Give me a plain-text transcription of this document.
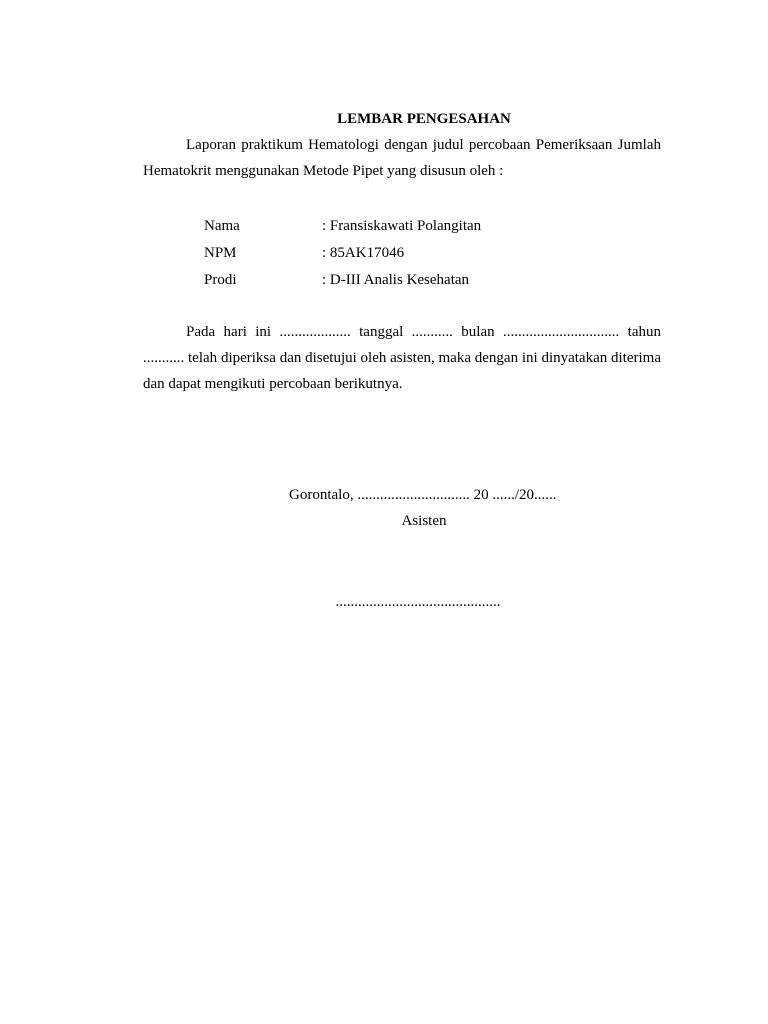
LEMBAR PENGESAHAN

Laporan praktikum Hematologi dengan judul percobaan Pemeriksaan Jumlah Hematokrit menggunakan Metode Pipet yang disusun oleh :

Nama	: Fransiskawati Polangitan
NPM	: 85AK17046
Prodi	: D-III Analis Kesehatan

Pada hari ini ................... tanggal ........... bulan ............................... tahun ........... telah diperiksa dan disetujui oleh asisten, maka dengan ini dinyatakan diterima dan dapat mengikuti percobaan berikutnya.

Gorontalo, .............................. 20 ....../20......
Asisten
............................................
